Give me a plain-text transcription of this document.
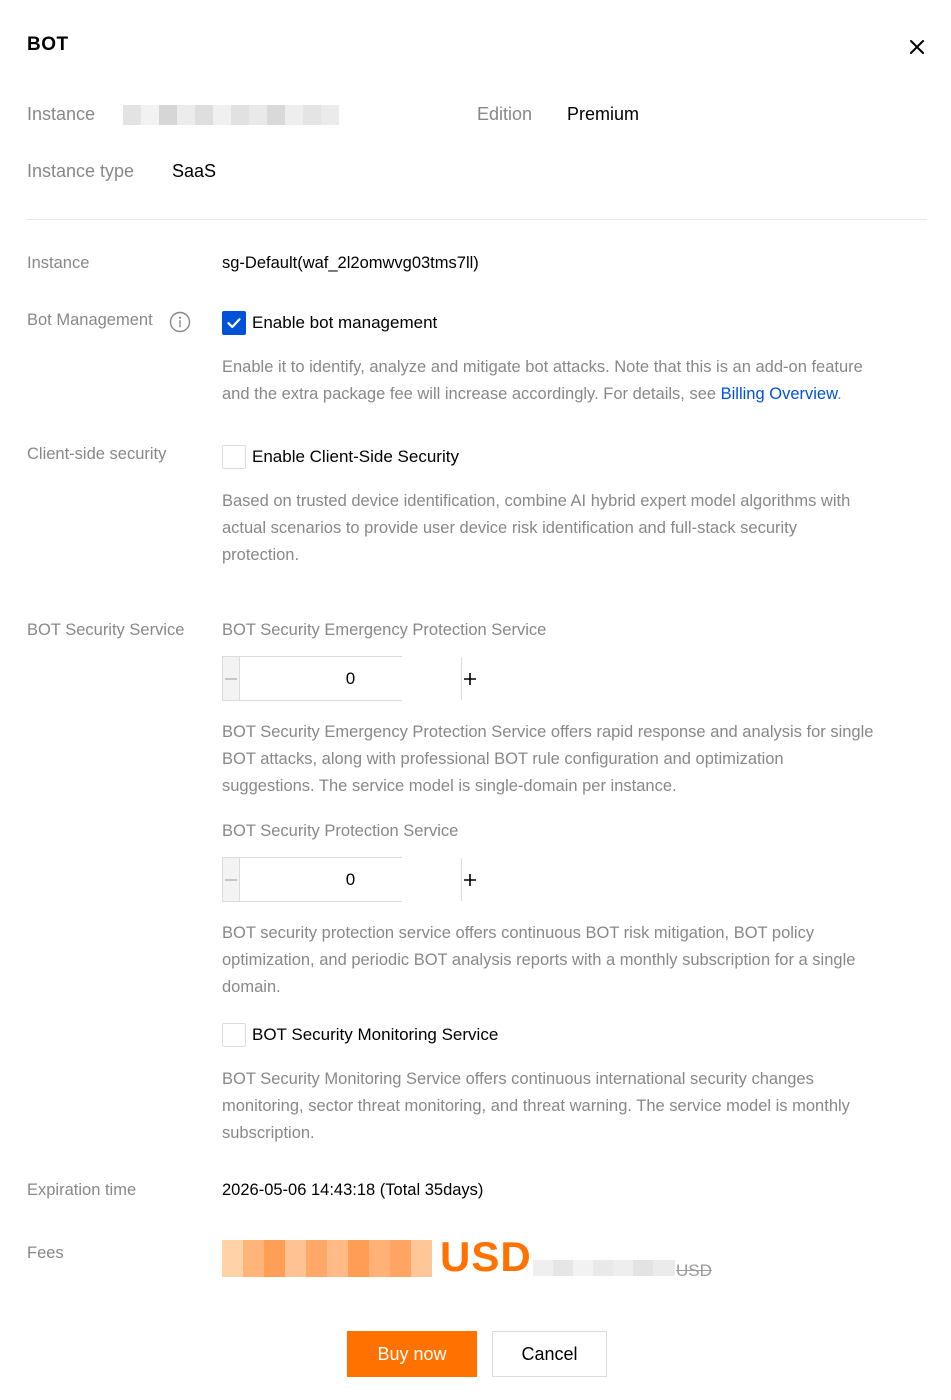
BOT
Instance	Edition Premium
Instance type SaaS
Instance	sg-Default(waf_2l2omwvg03tms7ll)
Bot Management	Enable bot management
Enable it to identify, analyze and mitigate bot attacks. Note that this is an add-on feature
and the extra package fee will increase accordingly. For details, see Billing Overview.
Client-side security	Enable Client-Side Security
Based on trusted device identification, combine AI hybrid expert model algorithms with
actual scenarios to provide user device risk identification and full-stack security
protection.
BOT Security Service BOT Security Emergency Protection Service
0
BOT Security Emergency Protection Service offers rapid response and analysis for single
BOT attacks, along with professional BOT rule configuration and optimization
suggestions. The service model is single-domain per instance.
BOT Security Protection Service
0
BOT security protection service offers continuous BOT risk mitigation, BOT policy
optimization, and periodic BOT analysis reports with a monthly subscription for a single
domain.
BOT Security Monitoring Service
BOT Security Monitoring Service offers continuous international security changes
monitoring, sector threat monitoring, and threat warning. The service model is monthly
subscription.
Expiration time	2026-05-06 14:43:18 (Total 35days)
Fees	USD	USD
Buy now	Cancel
